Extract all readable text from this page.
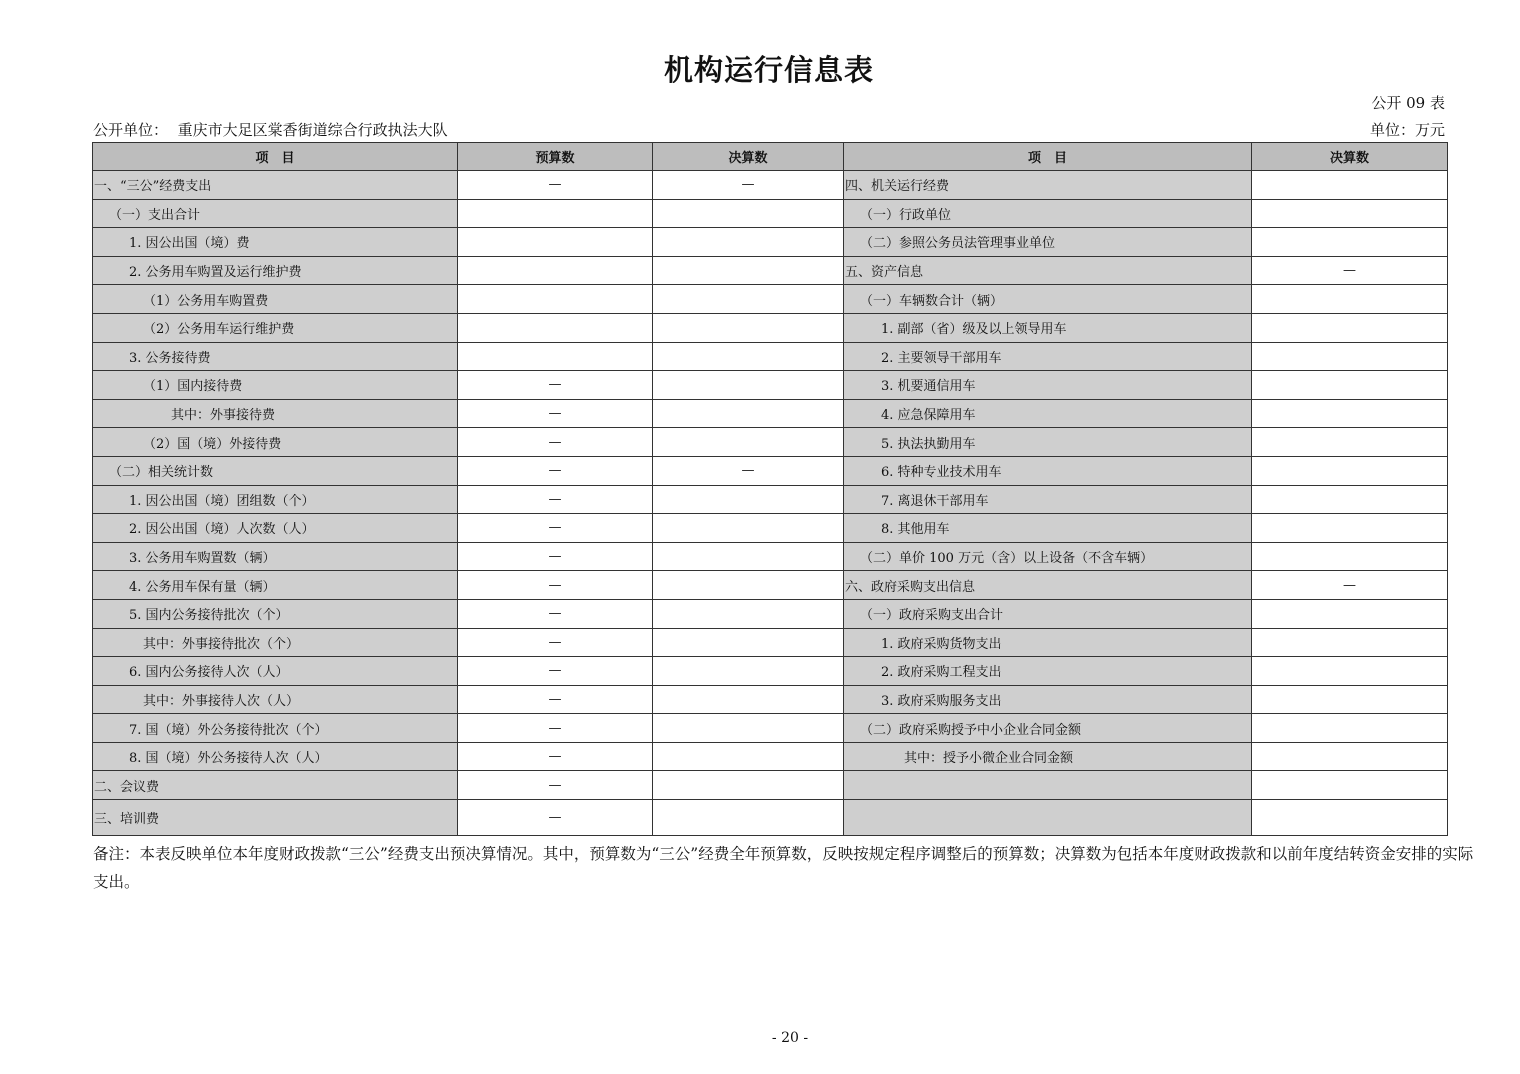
机构运行信息表
公开 09 表
公开单位： 重庆市大足区棠香街道综合行政执法大队	单位：万元
项　目	预算数	决算数	项　目	决算数
一、“三公”经费支出	—	—	四、机关运行经费	
（一）支出合计			（一）行政单位	
1. 因公出国（境）费			（二）参照公务员法管理事业单位	
2. 公务用车购置及运行维护费			五、资产信息	—
（1）公务用车购置费			（一）车辆数合计（辆）	
（2）公务用车运行维护费			1. 副部（省）级及以上领导用车	
3. 公务接待费			2. 主要领导干部用车	
（1）国内接待费	—		3. 机要通信用车	
其中：外事接待费	—		4. 应急保障用车	
（2）国（境）外接待费	—		5. 执法执勤用车	
（二）相关统计数	—	—	6. 特种专业技术用车	
1. 因公出国（境）团组数（个）	—		7. 离退休干部用车	
2. 因公出国（境）人次数（人）	—		8. 其他用车	
3. 公务用车购置数（辆）	—		（二）单价 100 万元（含）以上设备（不含车辆）	
4. 公务用车保有量（辆）	—		六、政府采购支出信息	—
5. 国内公务接待批次（个）	—		（一）政府采购支出合计	
其中：外事接待批次（个）	—		1. 政府采购货物支出	
6. 国内公务接待人次（人）	—		2. 政府采购工程支出	
其中：外事接待人次（人）	—		3. 政府采购服务支出	
7. 国（境）外公务接待批次（个）	—		（二）政府采购授予中小企业合同金额	
8. 国（境）外公务接待人次（人）	—		其中：授予小微企业合同金额	
二、会议费	—			
三、培训费	—			
备注：本表反映单位本年度财政拨款“三公”经费支出预决算情况。其中，预算数为“三公”经费全年预算数，反映按规定程序调整后的预算数；决算数为包括本年度财政拨款和以前年度结转资金安排的实际支出。
- 20 -
